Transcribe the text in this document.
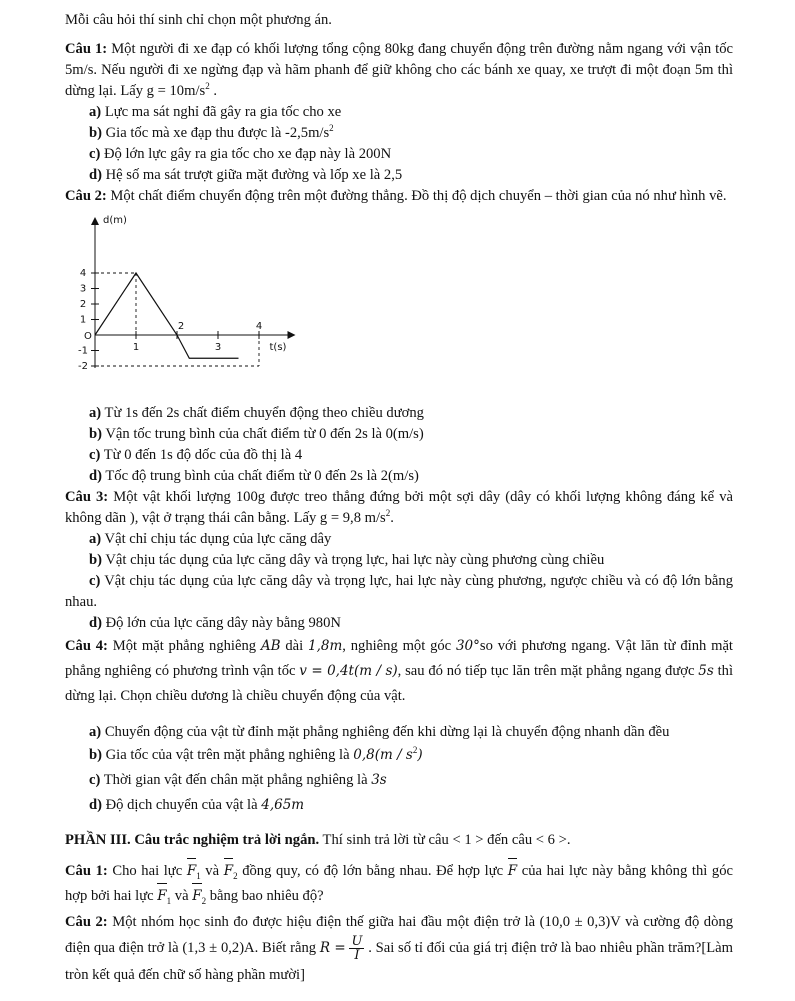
Mỗi câu hỏi thí sinh chỉ chọn một phương án.

Câu 1: Một người đi xe đạp có khối lượng tổng cộng 80kg đang chuyển động trên đường nằm ngang với vận tốc 5m/s. Nếu người đi xe ngừng đạp và hãm phanh để giữ không cho các bánh xe quay, xe trượt đi một đoạn 5m thì dừng lại. Lấy $g = 10m/s^2$ .

a) Lực ma sát nghỉ đã gây ra gia tốc cho xe

b) Gia tốc mà xe đạp thu được là $-2,5m/s^2$

c) Độ lớn lực gây ra gia tốc cho xe đạp này là 200N

d) Hệ số ma sát trượt giữa mặt đường và lốp xe là 2,5

Câu 2: Một chất điểm chuyển động trên một đường thẳng. Đồ thị độ dịch chuyển – thời gian của nó như hình vẽ.

4
3
2
1
-1
-2
1
2
3
4
d(m)
t(s)
O

a) Từ 1s đến 2s chất điểm chuyển động theo chiều dương

b) Vận tốc trung bình của chất điểm từ 0 đến 2s là 0(m/s)

c) Từ 0 đến 1s độ dốc của đồ thị là 4

d) Tốc độ trung bình của chất điểm từ 0 đến 2s là 2(m/s)

Câu 3: Một vật khối lượng 100g được treo thẳng đứng bởi một sợi dây (dây có khối lượng không đáng kể và không dãn ), vật ở trạng thái cân bằng. Lấy g = 9,8 $m/s^2$.

a) Vật chỉ chịu tác dụng của lực căng dây

b) Vật chịu tác dụng của lực căng dây và trọng lực, hai lực này cùng phương cùng chiều

c) Vật chịu tác dụng của lực căng dây và trọng lực, hai lực này cùng phương, ngược chiều và có độ lớn bằng nhau.

d) Độ lớn của lực căng dây này bằng 980N

Câu 4: Một mặt phẳng nghiêng AB dài 1,8m, nghiêng một góc 30°so với phương ngang. Vật lăn từ đỉnh mặt phẳng nghiêng có phương trình vận tốc v = 0,4t(m / s), sau đó nó tiếp tục lăn trên mặt phẳng ngang được 5s thì dừng lại. Chọn chiều dương là chiều chuyển động của vật.

a) Chuyển động của vật từ đỉnh mặt phẳng nghiêng đến khi dừng lại là chuyển động nhanh dần đều

b) Gia tốc của vật trên mặt phẳng nghiêng là $0,8(m / s^2)$

c) Thời gian vật đến chân mặt phẳng nghiêng là 3s

d) Độ dịch chuyển của vật là 4,65m

PHẦN III. Câu trắc nghiệm trả lời ngắn. Thí sinh trả lời từ câu < 1 > đến câu < 6 >.

Câu 1: Cho hai lực $F_1$ và $F_2$ đồng quy, có độ lớn bằng nhau. Để hợp lực F của hai lực này bằng không thì góc hợp bởi hai lực $F_1$ và $F_2$ bằng bao nhiêu độ?

Câu 2: Một nhóm học sinh đo được hiệu điện thế giữa hai đầu một điện trở là (10,0 ± 0,3)V và cường độ dòng điện qua điện trở là (1,3 ± 0,2)A. Biết rằng $R = \frac{U}{I}$ . Sai số tỉ đối của giá trị điện trở là bao nhiêu phần trăm?[Làm tròn kết quả đến chữ số hàng phần mười]
